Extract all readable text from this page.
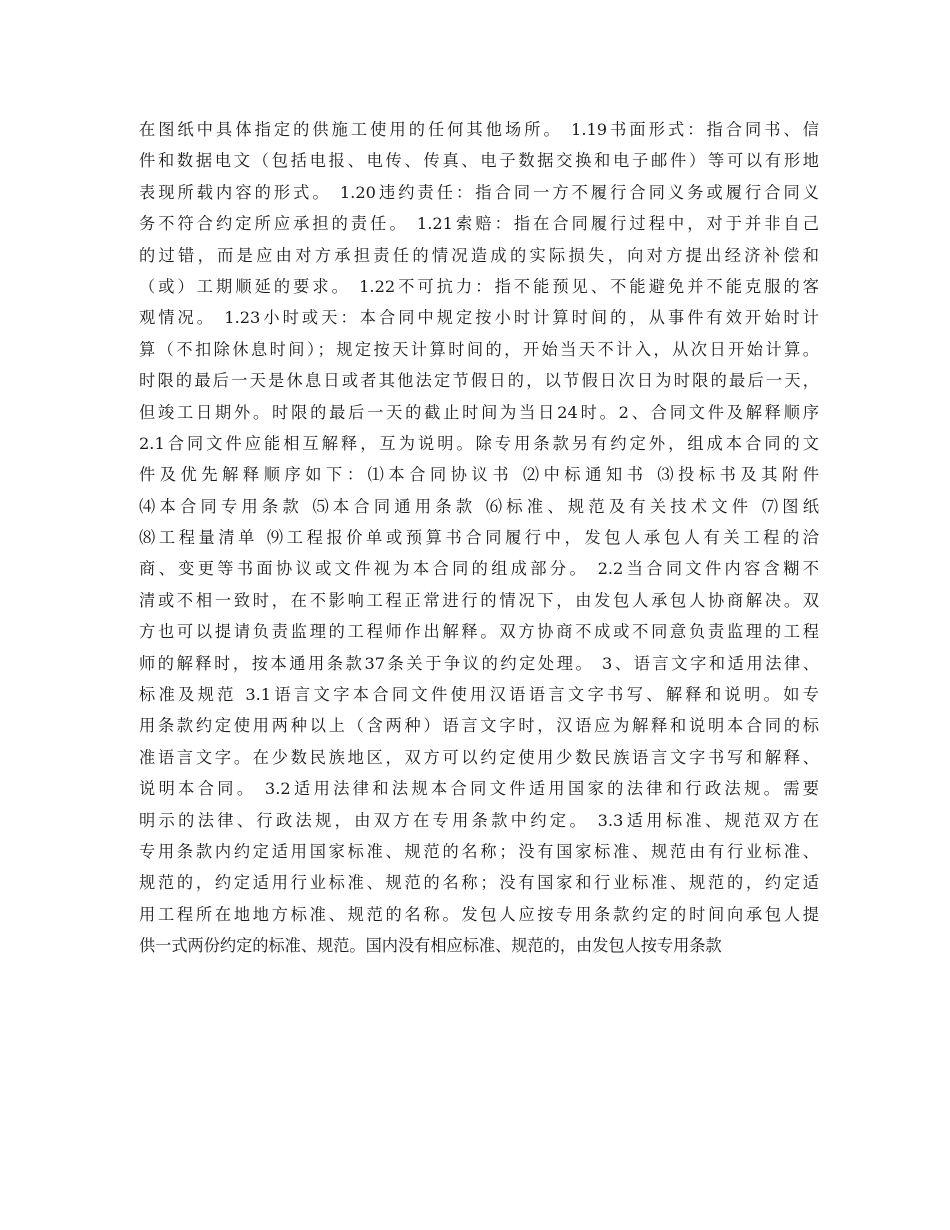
在图纸中具体指定的供施工使用的任何其他场所。 1.19书面形式：指合同书、信
件和数据电文（包括电报、电传、传真、电子数据交换和电子邮件）等可以有形地
表现所载内容的形式。 1.20违约责任：指合同一方不履行合同义务或履行合同义
务不符合约定所应承担的责任。 1.21索赔：指在合同履行过程中，对于并非自己
的过错，而是应由对方承担责任的情况造成的实际损失，向对方提出经济补偿和
（或）工期顺延的要求。 1.22不可抗力：指不能预见、不能避免并不能克服的客
观情况。 1.23小时或天：本合同中规定按小时计算时间的，从事件有效开始时计
算（不扣除休息时间）；规定按天计算时间的，开始当天不计入，从次日开始计算。
时限的最后一天是休息日或者其他法定节假日的，以节假日次日为时限的最后一天，
但竣工日期外。时限的最后一天的截止时间为当日24时。2、合同文件及解释顺序
2.1合同文件应能相互解释，互为说明。除专用条款另有约定外，组成本合同的文
件及优先解释顺序如下：⑴本合同协议书 ⑵中标通知书 ⑶投标书及其附件
⑷本合同专用条款 ⑸本合同通用条款 ⑹标准、规范及有关技术文件 ⑺图纸
⑻工程量清单 ⑼工程报价单或预算书合同履行中，发包人承包人有关工程的洽
商、变更等书面协议或文件视为本合同的组成部分。 2.2当合同文件内容含糊不
清或不相一致时，在不影响工程正常进行的情况下，由发包人承包人协商解决。双
方也可以提请负责监理的工程师作出解释。双方协商不成或不同意负责监理的工程
师的解释时，按本通用条款37条关于争议的约定处理。 3、语言文字和适用法律、
标准及规范 3.1语言文字本合同文件使用汉语语言文字书写、解释和说明。如专
用条款约定使用两种以上（含两种）语言文字时，汉语应为解释和说明本合同的标
准语言文字。在少数民族地区，双方可以约定使用少数民族语言文字书写和解释、
说明本合同。 3.2适用法律和法规本合同文件适用国家的法律和行政法规。需要
明示的法律、行政法规，由双方在专用条款中约定。 3.3适用标准、规范双方在
专用条款内约定适用国家标准、规范的名称；没有国家标准、规范由有行业标准、
规范的，约定适用行业标准、规范的名称；没有国家和行业标准、规范的，约定适
用工程所在地地方标准、规范的名称。发包人应按专用条款约定的时间向承包人提
供一式两份约定的标准、规范。国内没有相应标准、规范的，由发包人按专用条款
